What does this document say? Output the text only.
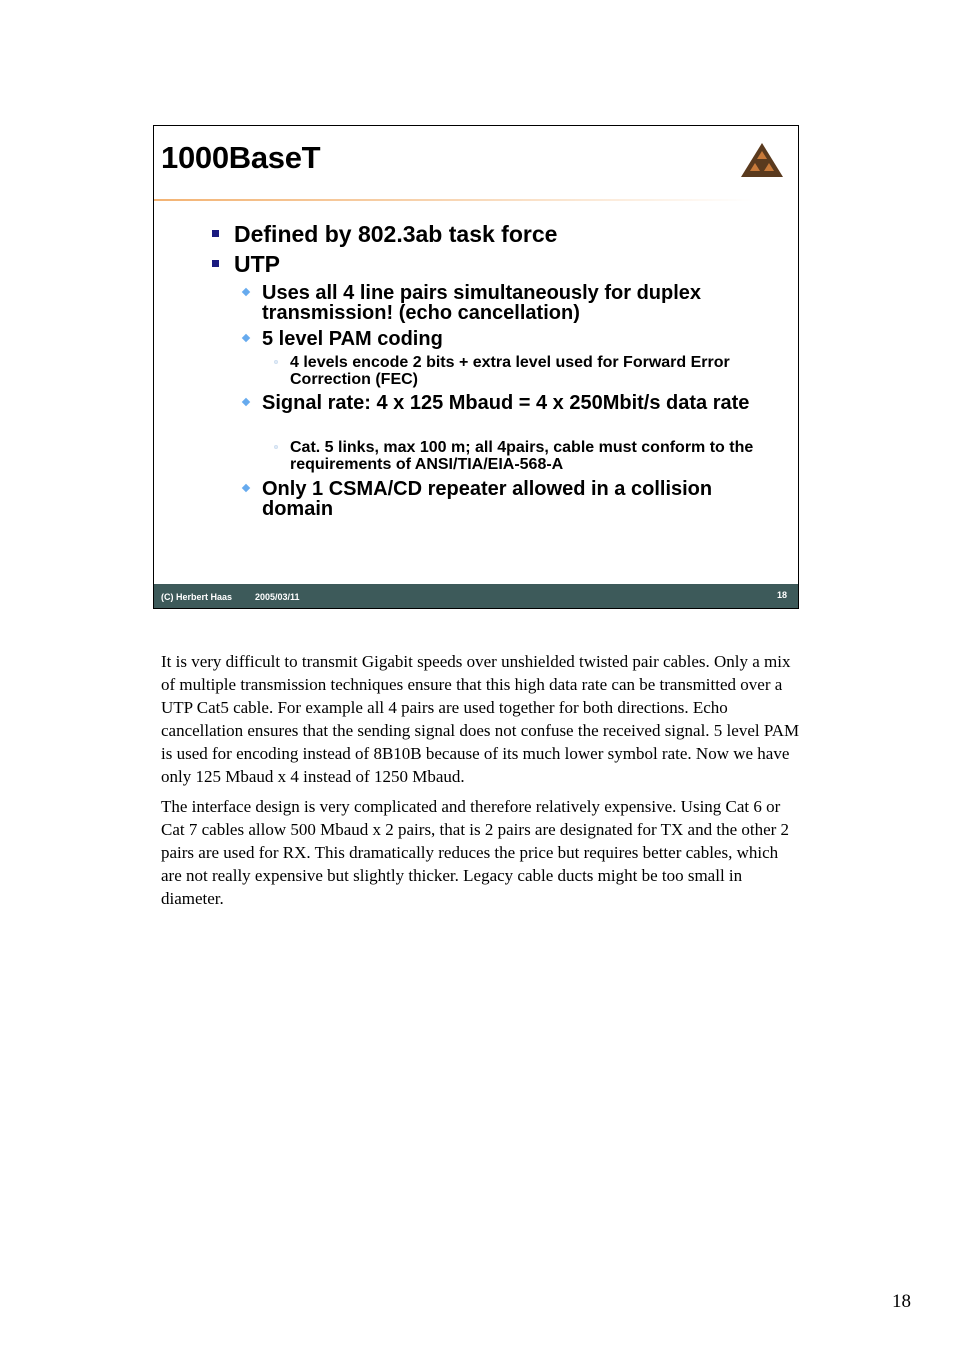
1000BaseT
Defined by 802.3ab task force
UTP
Uses all 4 line pairs simultaneously for duplex transmission! (echo cancellation)
5 level PAM coding
4 levels encode 2 bits + extra level used for Forward Error Correction (FEC)
Signal rate: 4 x 125 Mbaud = 4 x 250Mbit/s data rate
Cat. 5 links, max 100 m; all 4pairs, cable must conform to the requirements of ANSI/TIA/EIA-568-A
Only 1 CSMA/CD repeater allowed in a collision domain
(C) Herbert Haas	2005/03/11	18

It is very difficult to transmit Gigabit speeds over unshielded twisted pair cables. Only a mix of multiple transmission techniques ensure that this high data rate can be transmitted over a UTP Cat5 cable. For example all 4 pairs are used together for both directions. Echo cancellation ensures that the sending signal does not confuse the received signal. 5 level PAM is used for encoding instead of 8B10B because of its much lower symbol rate. Now we have only 125 Mbaud x 4 instead of 1250 Mbaud.

The interface design is very complicated and therefore relatively expensive. Using Cat 6 or Cat 7 cables allow 500 Mbaud x 2 pairs, that is 2 pairs are designated for TX and the other 2 pairs are used for RX. This dramatically reduces the price but requires better cables, which are not really expensive but slightly thicker. Legacy cable ducts might be too small in diameter.

18
